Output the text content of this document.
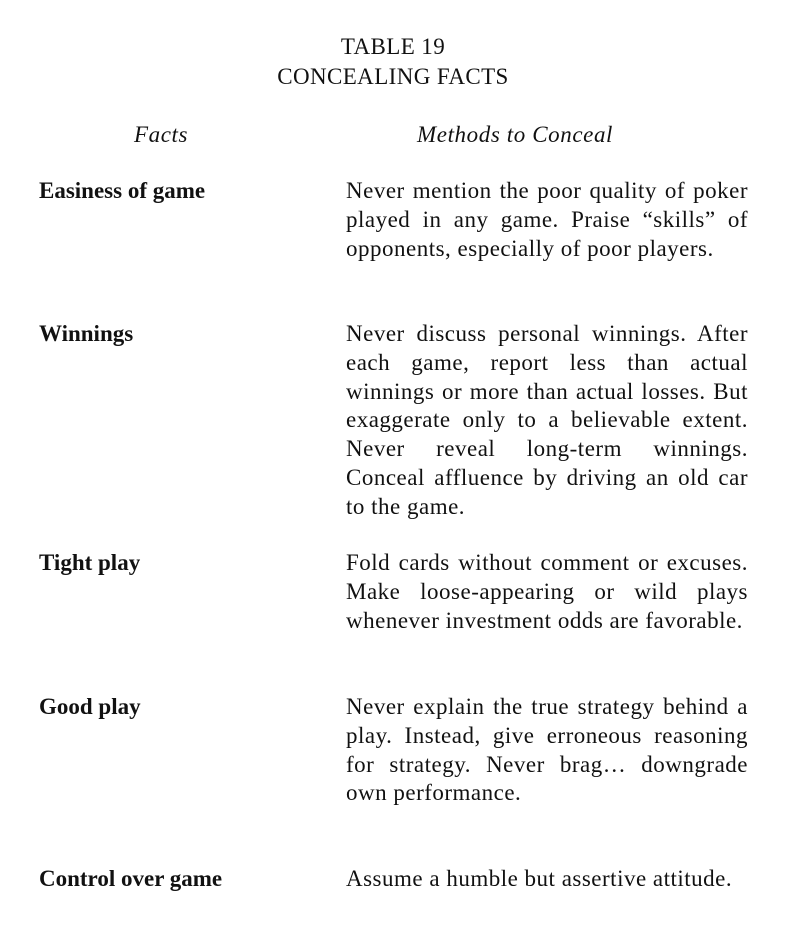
TABLE 19
CONCEALING FACTS
Facts	Methods to Conceal
Easiness of game	Never mention the poor quality of poker played in any game. Praise “skills” of opponents, especially of poor players.
Winnings	Never discuss personal winnings. After each game, report less than actual winnings or more than actual losses. But exaggerate only to a believable extent. Never reveal long-term winnings. Conceal affluence by driving an old car to the game.
Tight play	Fold cards without comment or excuses. Make loose-appearing or wild plays whenever investment odds are favorable.
Good play	Never explain the true strategy behind a play. Instead, give erroneous reasoning for strategy. Never brag… downgrade own performance.
Control over game	Assume a humble but assertive attitude.
